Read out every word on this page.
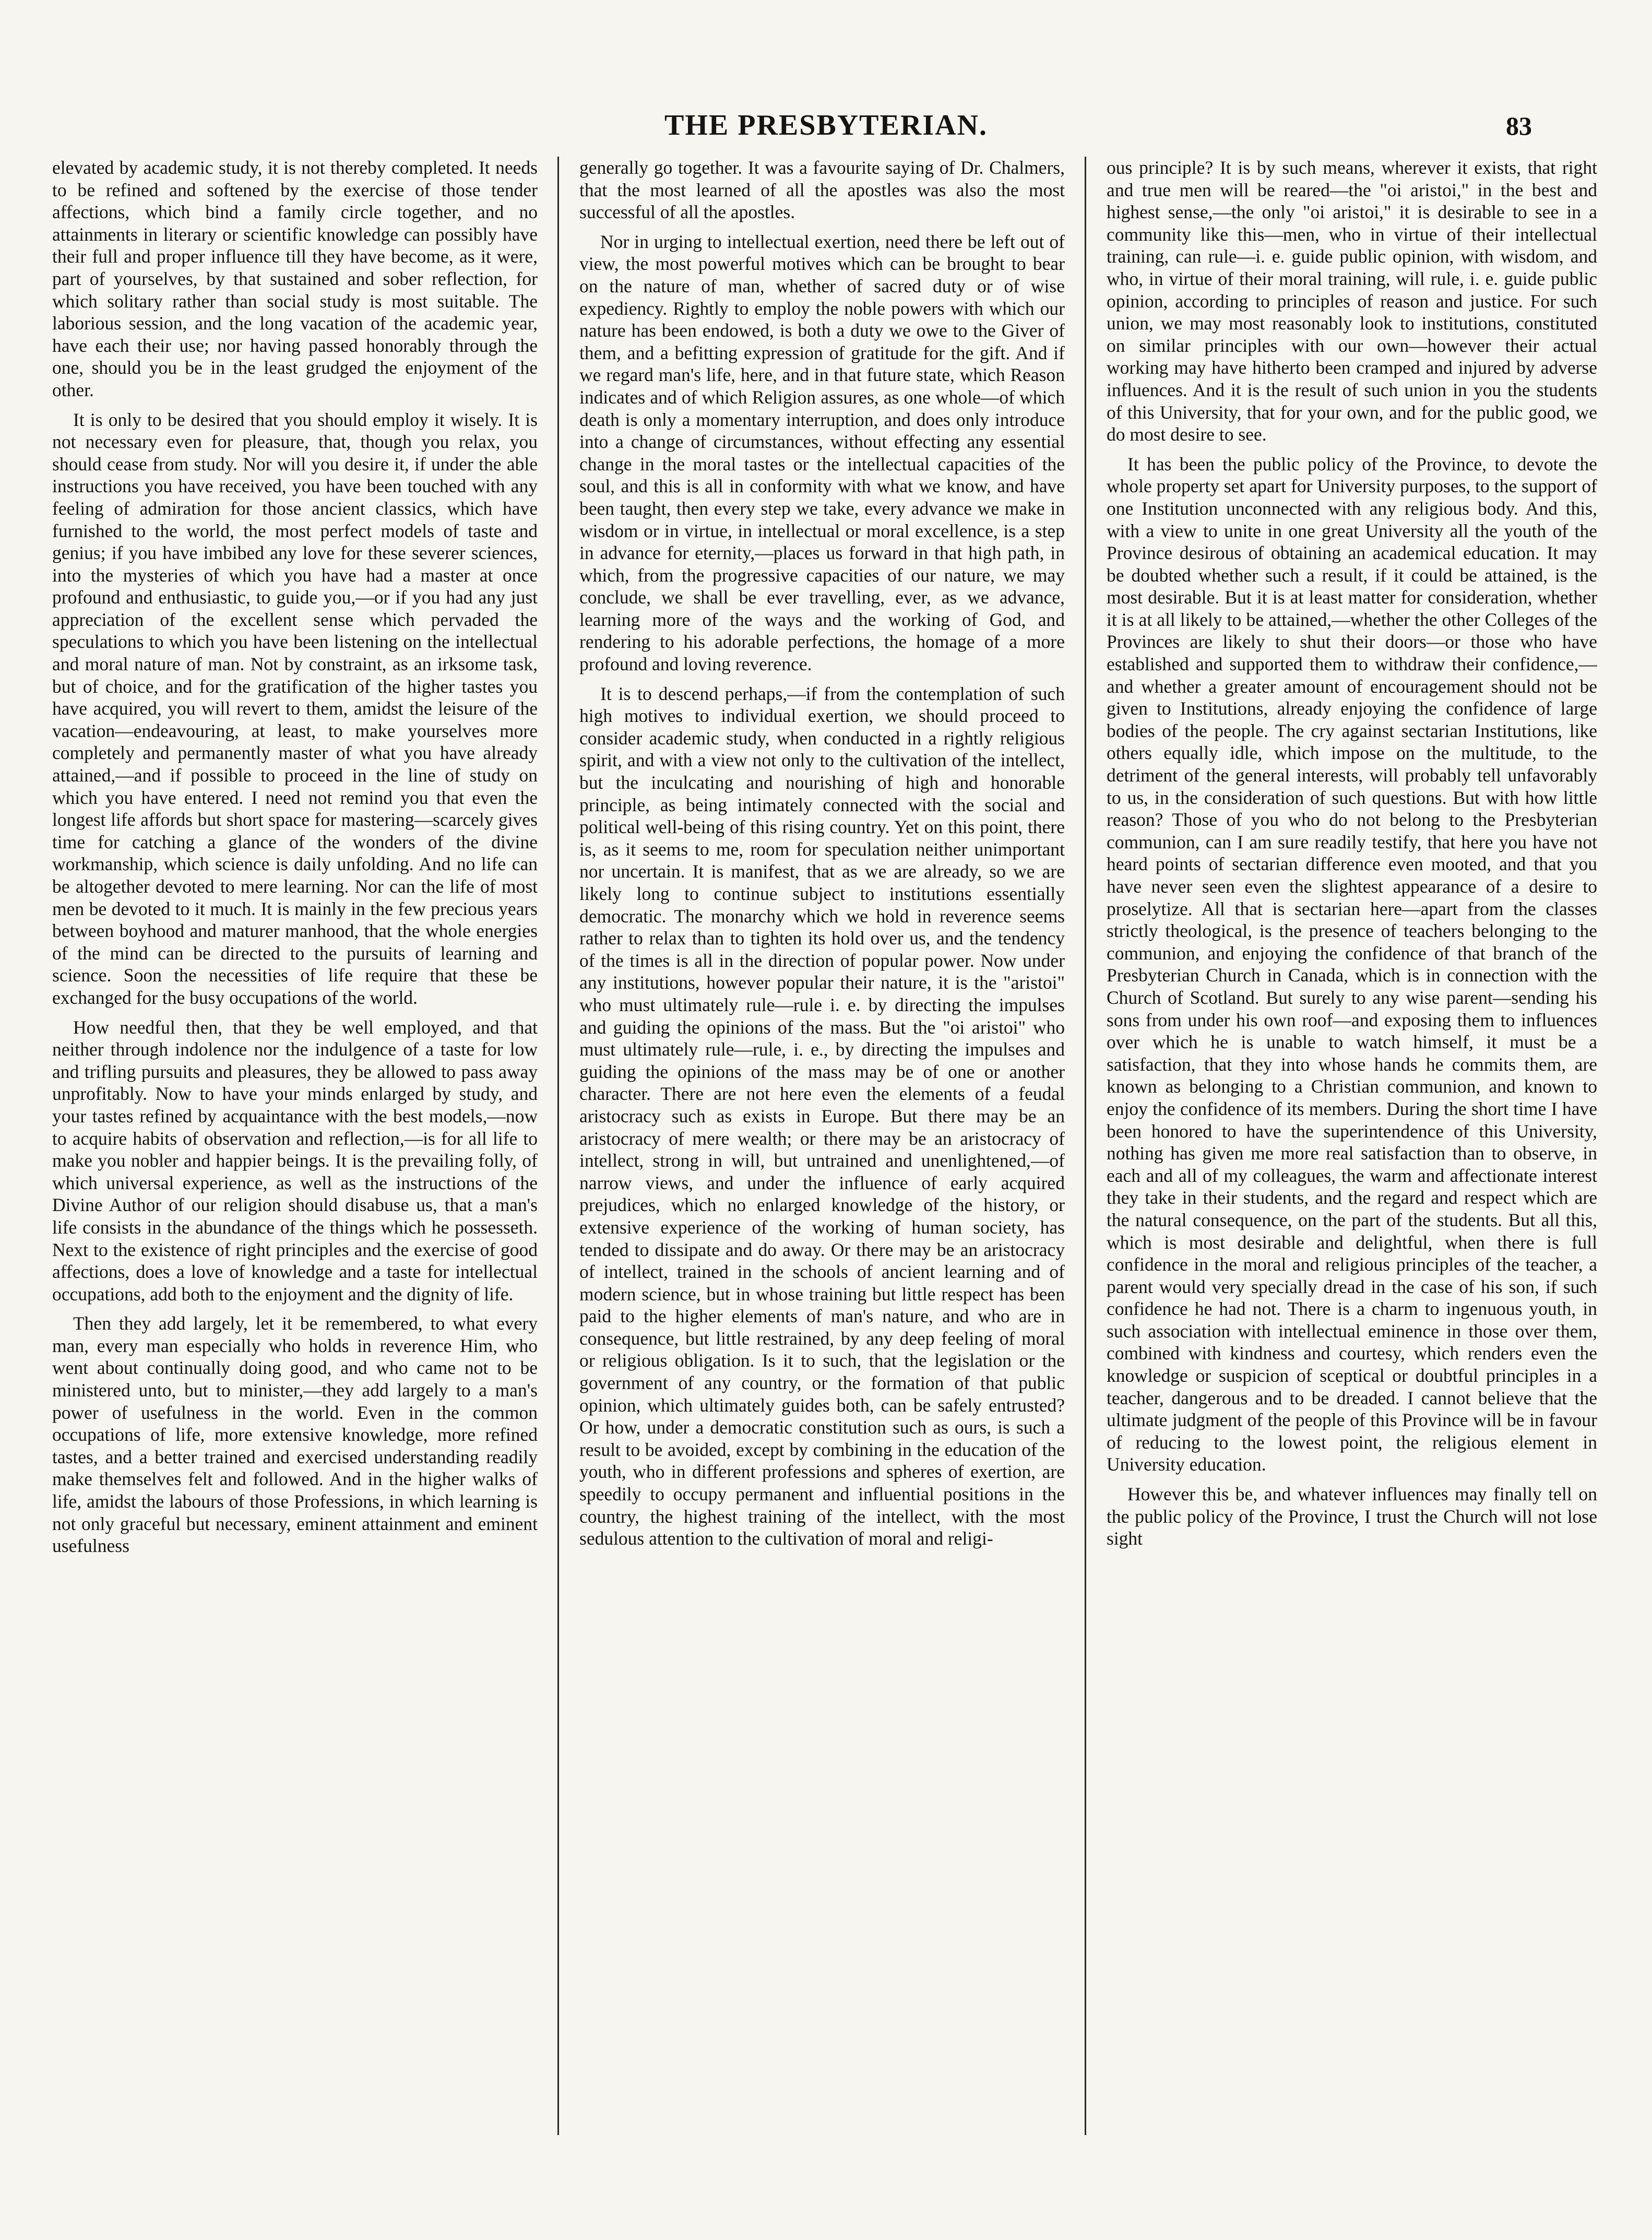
THE PRESBYTERIAN.	83

elevated by academic study, it is not thereby completed. It needs to be refined and softened by the exercise of those tender affections, which bind a family circle together, and no attainments in literary or scientific knowledge can possibly have their full and proper influence till they have become, as it were, part of yourselves, by that sustained and sober reflection, for which solitary rather than social study is most suitable. The laborious session, and the long vacation of the academic year, have each their use; nor having passed honorably through the one, should you be in the least grudged the enjoyment of the other.

It is only to be desired that you should employ it wisely. It is not necessary even for pleasure, that, though you relax, you should cease from study. Nor will you desire it, if under the able instructions you have received, you have been touched with any feeling of admiration for those ancient classics, which have furnished to the world, the most perfect models of taste and genius; if you have imbibed any love for these severer sciences, into the mysteries of which you have had a master at once profound and enthusiastic, to guide you,—or if you had any just appreciation of the excellent sense which pervaded the speculations to which you have been listening on the intellectual and moral nature of man. Not by constraint, as an irksome task, but of choice, and for the gratification of the higher tastes you have acquired, you will revert to them, amidst the leisure of the vacation—endeavouring, at least, to make yourselves more completely and permanently master of what you have already attained,—and if possible to proceed in the line of study on which you have entered. I need not remind you that even the longest life affords but short space for mastering—scarcely gives time for catching a glance of the wonders of the divine workmanship, which science is daily unfolding. And no life can be altogether devoted to mere learning. Nor can the life of most men be devoted to it much. It is mainly in the few precious years between boyhood and maturer manhood, that the whole energies of the mind can be directed to the pursuits of learning and science. Soon the necessities of life require that these be exchanged for the busy occupations of the world.

How needful then, that they be well employed, and that neither through indolence nor the indulgence of a taste for low and trifling pursuits and pleasures, they be allowed to pass away unprofitably. Now to have your minds enlarged by study, and your tastes refined by acquaintance with the best models,—now to acquire habits of observation and reflection,—is for all life to make you nobler and happier beings. It is the prevailing folly, of which universal experience, as well as the instructions of the Divine Author of our religion should disabuse us, that a man's life consists in the abundance of the things which he possesseth. Next to the existence of right principles and the exercise of good affections, does a love of knowledge and a taste for intellectual occupations, add both to the enjoyment and the dignity of life.

Then they add largely, let it be remembered, to what every man, every man especially who holds in reverence Him, who went about continually doing good, and who came not to be ministered unto, but to minister,—they add largely to a man's power of usefulness in the world. Even in the common occupations of life, more extensive knowledge, more refined tastes, and a better trained and exercised understanding readily make themselves felt and followed. And in the higher walks of life, amidst the labours of those Professions, in which learning is not only graceful but necessary, eminent attainment and eminent usefulness

generally go together. It was a favourite saying of Dr. Chalmers, that the most learned of all the apostles was also the most successful of all the apostles.

Nor in urging to intellectual exertion, need there be left out of view, the most powerful motives which can be brought to bear on the nature of man, whether of sacred duty or of wise expediency. Rightly to employ the noble powers with which our nature has been endowed, is both a duty we owe to the Giver of them, and a befitting expression of gratitude for the gift. And if we regard man's life, here, and in that future state, which Reason indicates and of which Religion assures, as one whole—of which death is only a momentary interruption, and does only introduce into a change of circumstances, without effecting any essential change in the moral tastes or the intellectual capacities of the soul, and this is all in conformity with what we know, and have been taught, then every step we take, every advance we make in wisdom or in virtue, in intellectual or moral excellence, is a step in advance for eternity,—places us forward in that high path, in which, from the progressive capacities of our nature, we may conclude, we shall be ever travelling, ever, as we advance, learning more of the ways and the working of God, and rendering to his adorable perfections, the homage of a more profound and loving reverence.

It is to descend perhaps,—if from the contemplation of such high motives to individual exertion, we should proceed to consider academic study, when conducted in a rightly religious spirit, and with a view not only to the cultivation of the intellect, but the inculcating and nourishing of high and honorable principle, as being intimately connected with the social and political well-being of this rising country. Yet on this point, there is, as it seems to me, room for speculation neither unimportant nor uncertain. It is manifest, that as we are already, so we are likely long to continue subject to institutions essentially democratic. The monarchy which we hold in reverence seems rather to relax than to tighten its hold over us, and the tendency of the times is all in the direction of popular power. Now under any institutions, however popular their nature, it is the "aristoi" who must ultimately rule—rule i. e. by directing the impulses and guiding the opinions of the mass. But the "oi aristoi" who must ultimately rule—rule, i. e., by directing the impulses and guiding the opinions of the mass may be of one or another character. There are not here even the elements of a feudal aristocracy such as exists in Europe. But there may be an aristocracy of mere wealth; or there may be an aristocracy of intellect, strong in will, but untrained and unenlightened,—of narrow views, and under the influence of early acquired prejudices, which no enlarged knowledge of the history, or extensive experience of the working of human society, has tended to dissipate and do away. Or there may be an aristocracy of intellect, trained in the schools of ancient learning and of modern science, but in whose training but little respect has been paid to the higher elements of man's nature, and who are in consequence, but little restrained, by any deep feeling of moral or religious obligation. Is it to such, that the legislation or the government of any country, or the formation of that public opinion, which ultimately guides both, can be safely entrusted? Or how, under a democratic constitution such as ours, is such a result to be avoided, except by combining in the education of the youth, who in different professions and spheres of exertion, are speedily to occupy permanent and influential positions in the country, the highest training of the intellect, with the most sedulous attention to the cultivation of moral and religi-

ous principle? It is by such means, wherever it exists, that right and true men will be reared—the "oi aristoi," in the best and highest sense,—the only "oi aristoi," it is desirable to see in a community like this—men, who in virtue of their intellectual training, can rule—i. e. guide public opinion, with wisdom, and who, in virtue of their moral training, will rule, i. e. guide public opinion, according to principles of reason and justice. For such union, we may most reasonably look to institutions, constituted on similar principles with our own—however their actual working may have hitherto been cramped and injured by adverse influences. And it is the result of such union in you the students of this University, that for your own, and for the public good, we do most desire to see.

It has been the public policy of the Province, to devote the whole property set apart for University purposes, to the support of one Institution unconnected with any religious body. And this, with a view to unite in one great University all the youth of the Province desirous of obtaining an academical education. It may be doubted whether such a result, if it could be attained, is the most desirable. But it is at least matter for consideration, whether it is at all likely to be attained,—whether the other Colleges of the Provinces are likely to shut their doors—or those who have established and supported them to withdraw their confidence,—and whether a greater amount of encouragement should not be given to Institutions, already enjoying the confidence of large bodies of the people. The cry against sectarian Institutions, like others equally idle, which impose on the multitude, to the detriment of the general interests, will probably tell unfavorably to us, in the consideration of such questions. But with how little reason? Those of you who do not belong to the Presbyterian communion, can I am sure readily testify, that here you have not heard points of sectarian difference even mooted, and that you have never seen even the slightest appearance of a desire to proselytize. All that is sectarian here—apart from the classes strictly theological, is the presence of teachers belonging to the communion, and enjoying the confidence of that branch of the Presbyterian Church in Canada, which is in connection with the Church of Scotland. But surely to any wise parent—sending his sons from under his own roof—and exposing them to influences over which he is unable to watch himself, it must be a satisfaction, that they into whose hands he commits them, are known as belonging to a Christian communion, and known to enjoy the confidence of its members. During the short time I have been honored to have the superintendence of this University, nothing has given me more real satisfaction than to observe, in each and all of my colleagues, the warm and affectionate interest they take in their students, and the regard and respect which are the natural consequence, on the part of the students. But all this, which is most desirable and delightful, when there is full confidence in the moral and religious principles of the teacher, a parent would very specially dread in the case of his son, if such confidence he had not. There is a charm to ingenuous youth, in such association with intellectual eminence in those over them, combined with kindness and courtesy, which renders even the knowledge or suspicion of sceptical or doubtful principles in a teacher, dangerous and to be dreaded. I cannot believe that the ultimate judgment of the people of this Province will be in favour of reducing to the lowest point, the religious element in University education.

However this be, and whatever influences may finally tell on the public policy of the Province, I trust the Church will not lose sight
